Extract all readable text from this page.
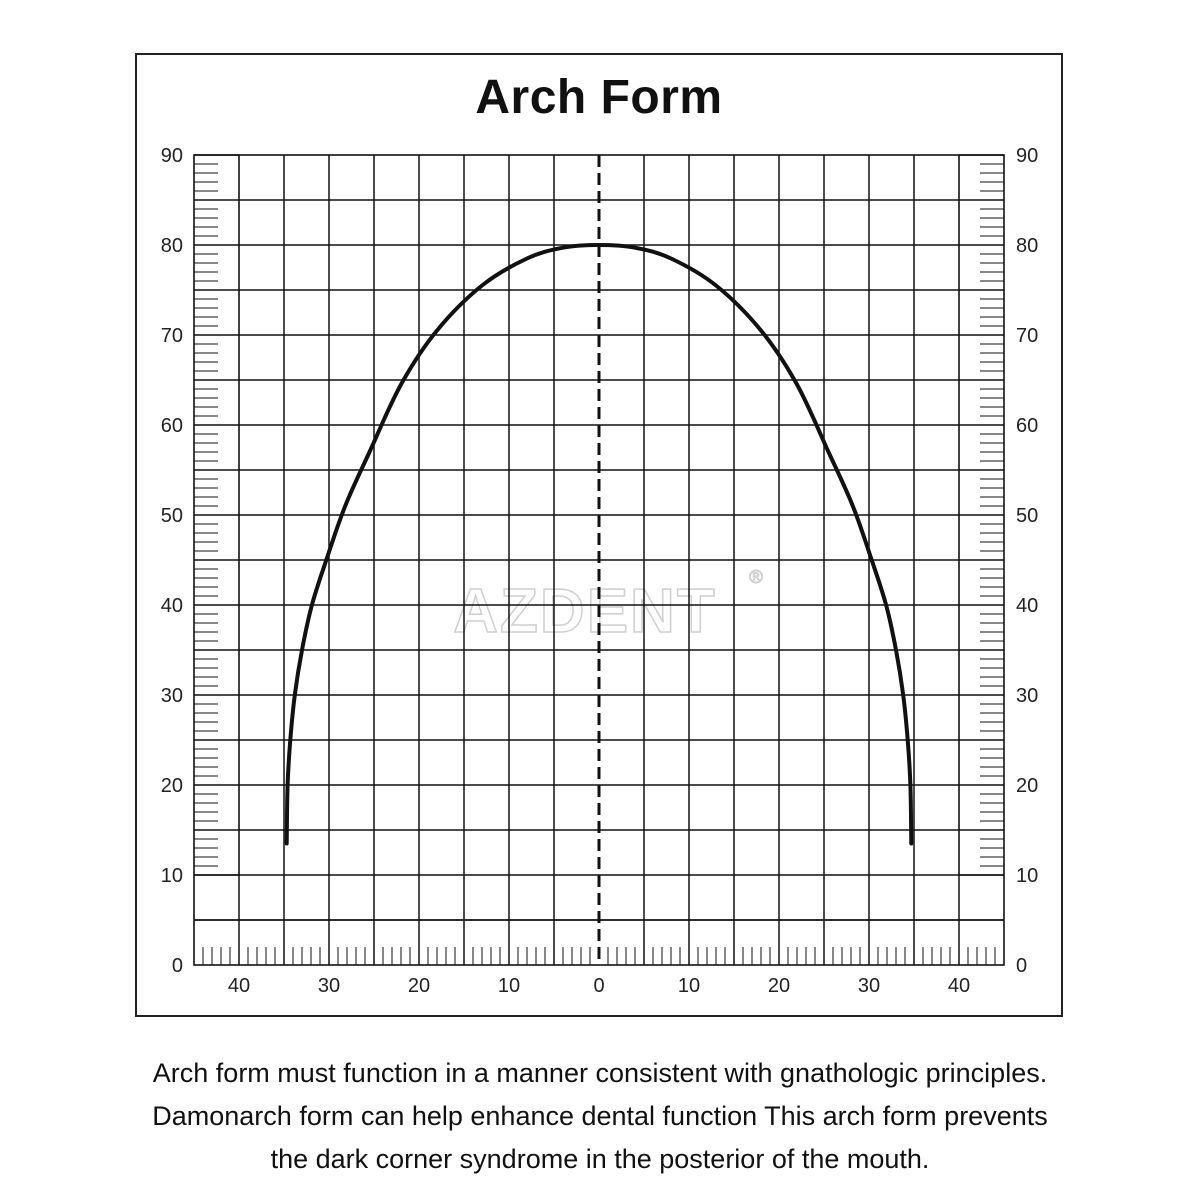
Arch Form
AZDENT ®
0	0
10	10
20	20
30	30
40	40
50	50
60	60
70	70
80	80
90	90
40	30	20	10	0	10	20	30	40

Arch form must function in a manner consistent with gnathologic principles.

Damonarch form can help enhance dental function This arch form prevents

the dark corner syndrome in the posterior of the mouth.
